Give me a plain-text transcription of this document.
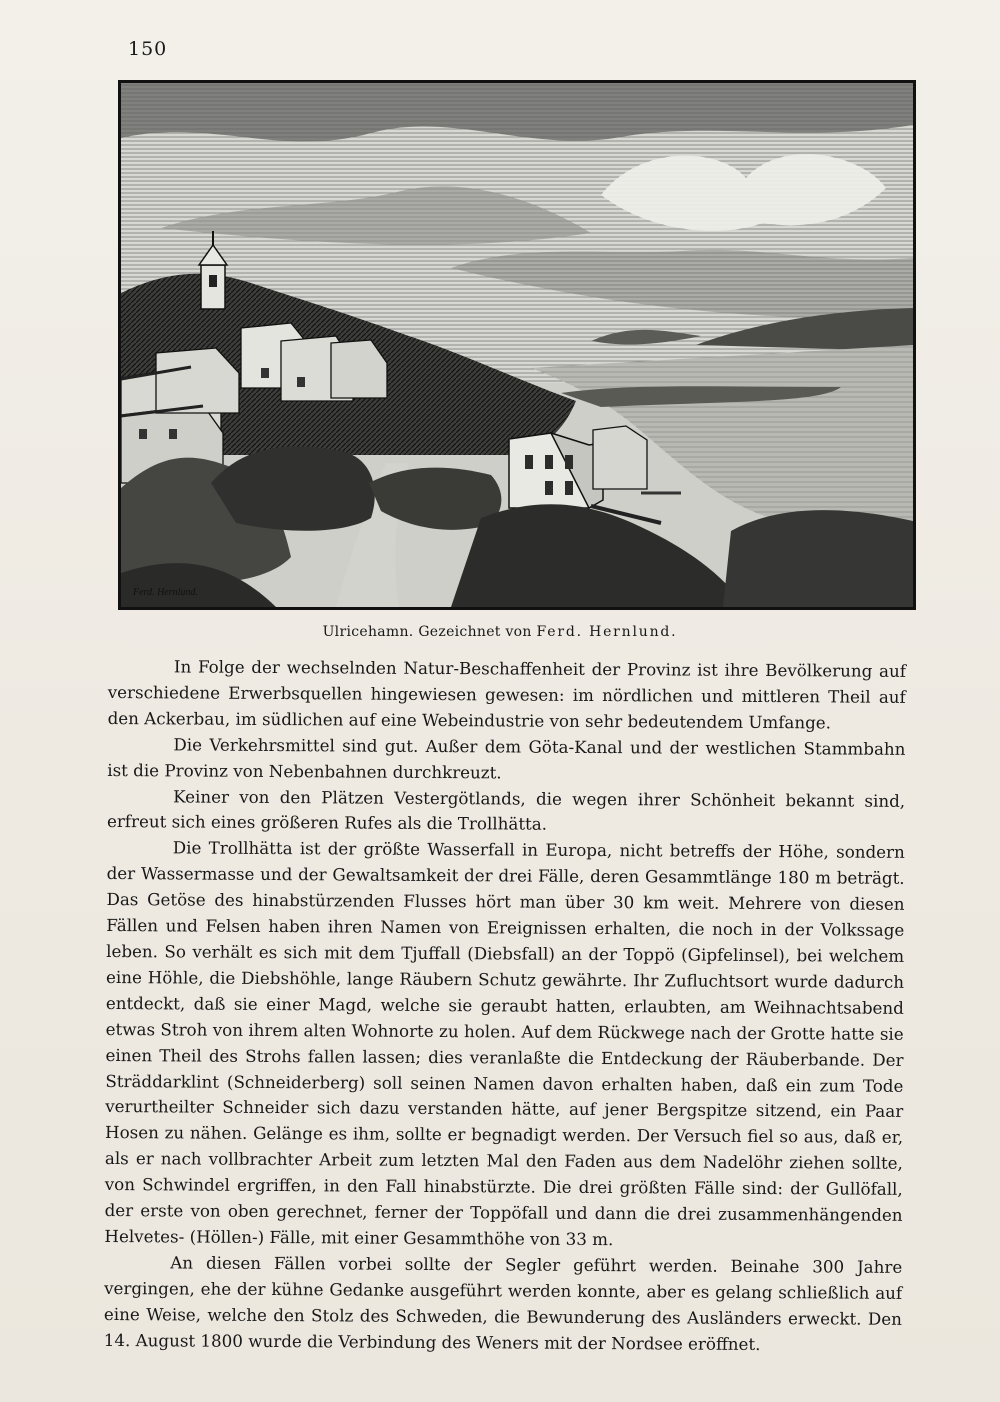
150
Ferd. Hernlund.
Ulricehamn. Gezeichnet von Ferd. Hernlund.

In Folge der wechselnden Natur-Beschaffenheit der Provinz ist ihre Bevölkerung auf verschiedene Erwerbsquellen hingewiesen gewesen: im nördlichen und mittleren Theil auf den Ackerbau, im südlichen auf eine Webeindustrie von sehr bedeutendem Umfange.

Die Verkehrsmittel sind gut. Außer dem Göta-Kanal und der westlichen Stammbahn ist die Provinz von Nebenbahnen durchkreuzt.

Keiner von den Plätzen Vestergötlands, die wegen ihrer Schönheit bekannt sind, erfreut sich eines größeren Rufes als die Trollhätta.

Die Trollhätta ist der größte Wasserfall in Europa, nicht betreffs der Höhe, sondern der Wassermasse und der Gewaltsamkeit der drei Fälle, deren Gesammtlänge 180 m beträgt. Das Getöse des hinabstürzenden Flusses hört man über 30 km weit. Mehrere von diesen Fällen und Felsen haben ihren Namen von Ereignissen erhalten, die noch in der Volkssage leben. So verhält es sich mit dem Tjuffall (Diebsfall) an der Toppö (Gipfelinsel), bei welchem eine Höhle, die Diebshöhle, lange Räubern Schutz gewährte. Ihr Zufluchtsort wurde dadurch entdeckt, daß sie einer Magd, welche sie geraubt hatten, erlaubten, am Weihnachtsabend etwas Stroh von ihrem alten Wohnorte zu holen. Auf dem Rückwege nach der Grotte hatte sie einen Theil des Strohs fallen lassen; dies veranlaßte die Entdeckung der Räuberbande. Der Sträddarklint (Schneiderberg) soll seinen Namen davon erhalten haben, daß ein zum Tode verurtheilter Schneider sich dazu verstanden hätte, auf jener Bergspitze sitzend, ein Paar Hosen zu nähen. Gelänge es ihm, sollte er begnadigt werden. Der Versuch fiel so aus, daß er, als er nach vollbrachter Arbeit zum letzten Mal den Faden aus dem Nadelöhr ziehen sollte, von Schwindel ergriffen, in den Fall hinabstürzte. Die drei größten Fälle sind: der Gullöfall, der erste von oben gerechnet, ferner der Toppöfall und dann die drei zusammenhängenden Helvetes- (Höllen-) Fälle, mit einer Gesammthöhe von 33 m.

An diesen Fällen vorbei sollte der Segler geführt werden. Beinahe 300 Jahre vergingen, ehe der kühne Gedanke ausgeführt werden konnte, aber es gelang schließlich auf eine Weise, welche den Stolz des Schweden, die Bewunderung des Ausländers erweckt. Den 14. August 1800 wurde die Verbindung des Weners mit der Nordsee eröffnet.
